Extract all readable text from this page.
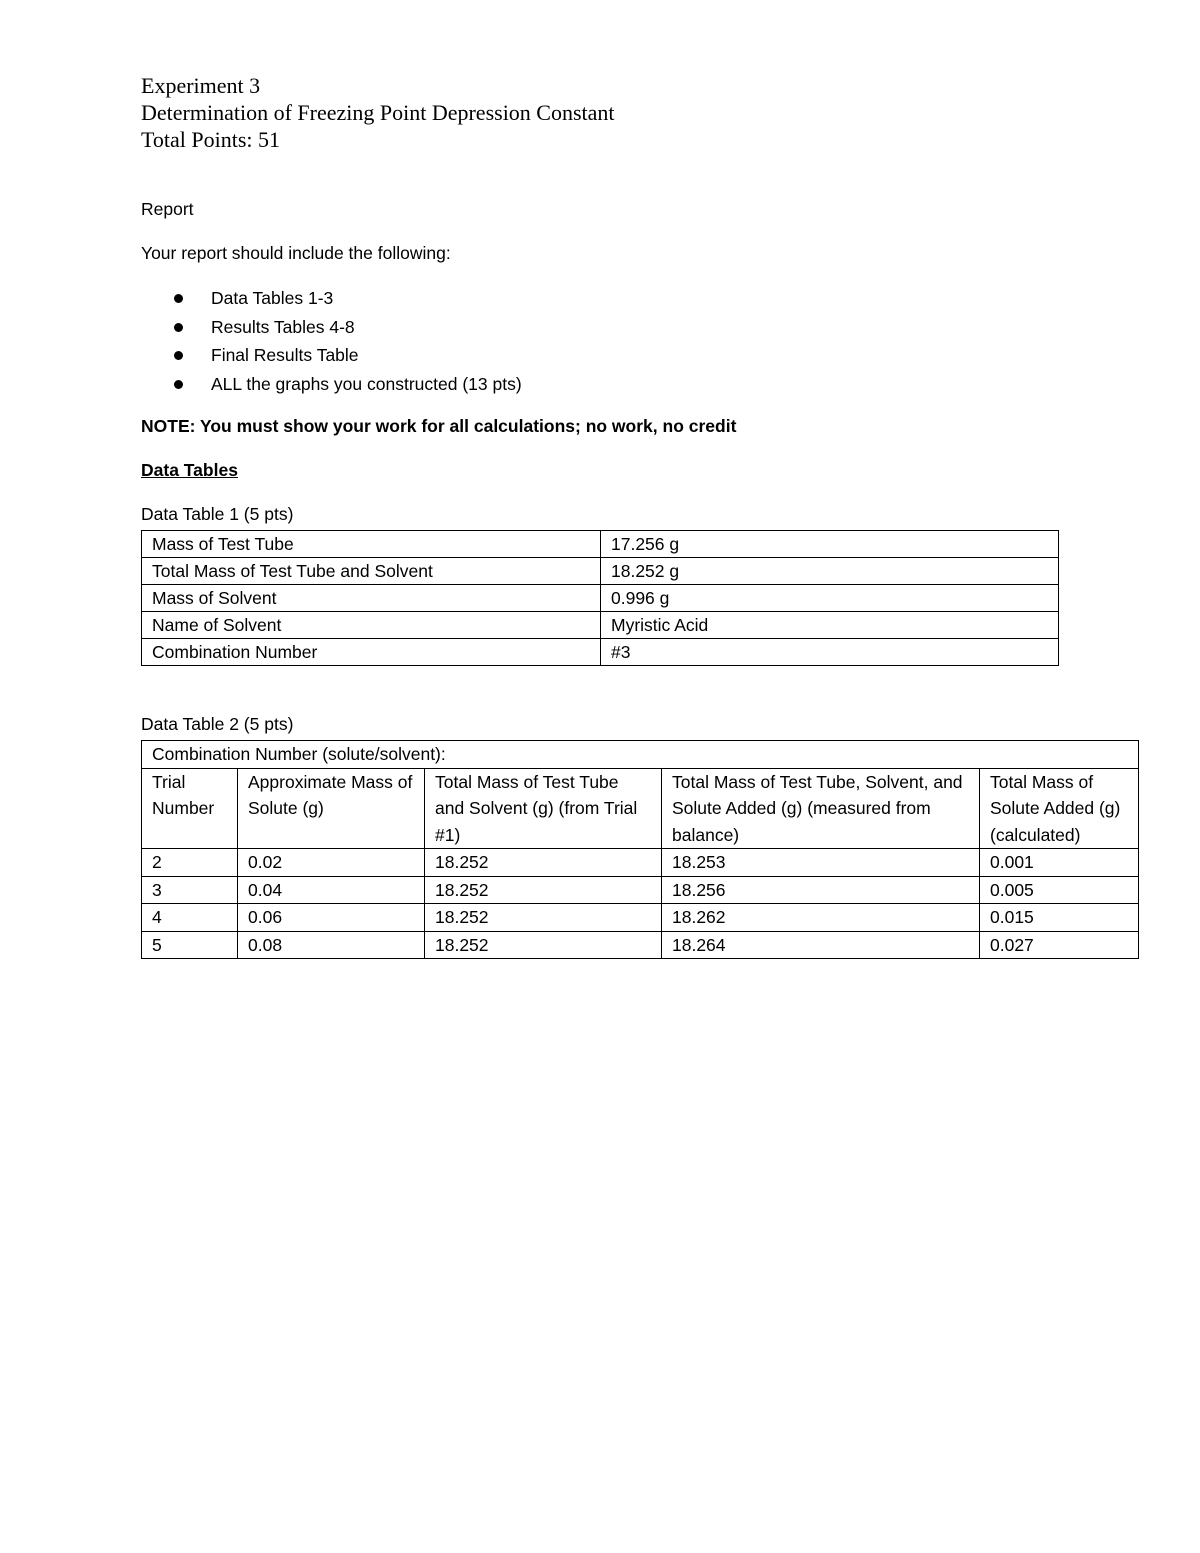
Experiment 3
Determination of Freezing Point Depression Constant
Total Points: 51
Report
Your report should include the following:
Data Tables 1-3
Results Tables 4-8
Final Results Table
ALL the graphs you constructed (13 pts)
NOTE: You must show your work for all calculations; no work, no credit
Data Tables
Data Table 1 (5 pts)
Mass of Test Tube	17.256 g
Total Mass of Test Tube and Solvent	18.252 g
Mass of Solvent	0.996 g
Name of Solvent	Myristic Acid
Combination Number	#3
Data Table 2 (5 pts)
Combination Number (solute/solvent):				
Trial Number	Approximate Mass of Solute (g)	Total Mass of Test Tube and Solvent (g) (from Trial #1)	Total Mass of Test Tube, Solvent, and Solute Added (g) (measured from balance)	Total Mass of Solute Added (g) (calculated)
2	0.02	18.252	18.253	0.001
3	0.04	18.252	18.256	0.005
4	0.06	18.252	18.262	0.015
5	0.08	18.252	18.264	0.027
